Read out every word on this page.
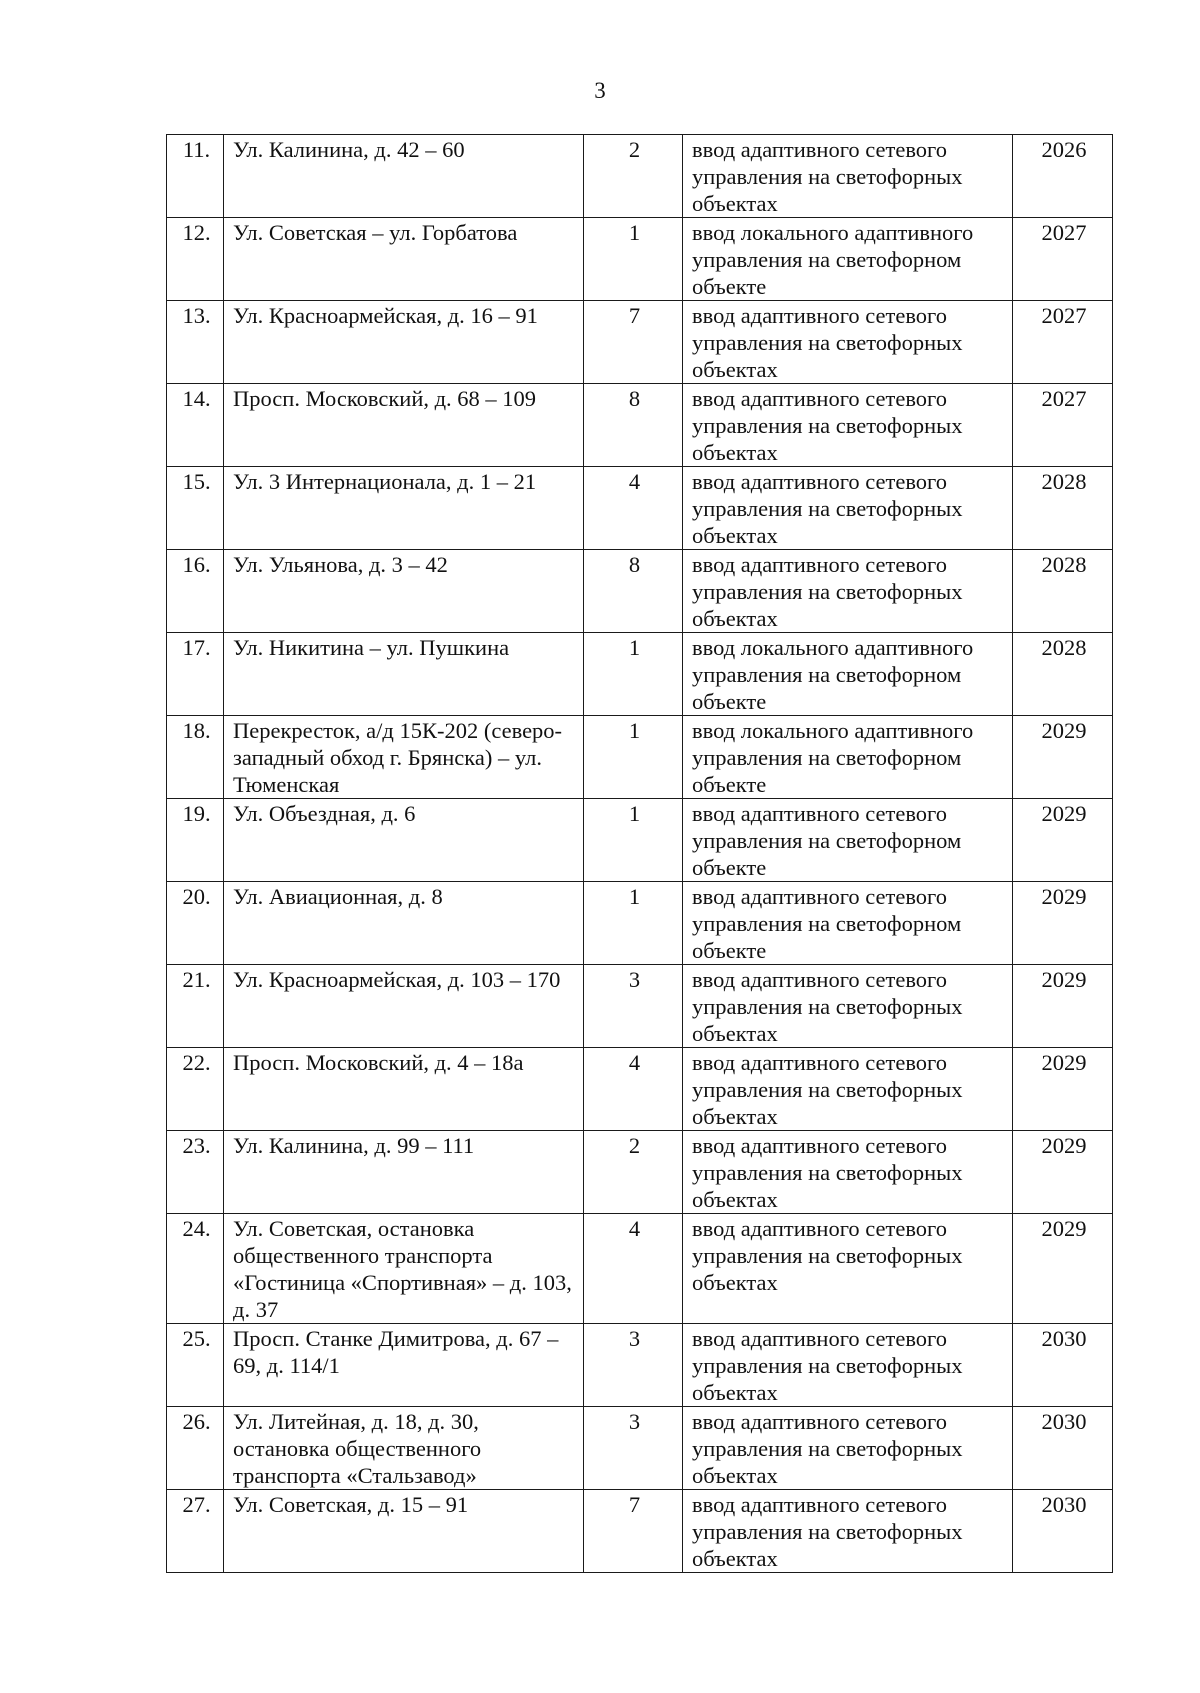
3
11.	Ул. Калинина, д. 42 – 60	2	ввод адаптивного сетевого управления на светофорных объектах	2026
12.	Ул. Советская – ул. Горбатова	1	ввод локального адаптивного управления на светофорном объекте	2027
13.	Ул. Красноармейская, д. 16 – 91	7	ввод адаптивного сетевого управления на светофорных объектах	2027
14.	Просп. Московский, д. 68 – 109	8	ввод адаптивного сетевого управления на светофорных объектах	2027
15.	Ул. 3 Интернационала, д. 1 – 21	4	ввод адаптивного сетевого управления на светофорных объектах	2028
16.	Ул. Ульянова, д. 3 – 42	8	ввод адаптивного сетевого управления на светофорных объектах	2028
17.	Ул. Никитина – ул. Пушкина	1	ввод локального адаптивного управления на светофорном объекте	2028
18.	Перекресток, а/д 15К-202 (северо-западный обход г. Брянска) – ул. Тюменская	1	ввод локального адаптивного управления на светофорном объекте	2029
19.	Ул. Объездная, д. 6	1	ввод адаптивного сетевого управления на светофорном объекте	2029
20.	Ул. Авиационная, д. 8	1	ввод адаптивного сетевого управления на светофорном объекте	2029
21.	Ул. Красноармейская, д. 103 – 170	3	ввод адаптивного сетевого управления на светофорных объектах	2029
22.	Просп. Московский, д. 4 – 18а	4	ввод адаптивного сетевого управления на светофорных объектах	2029
23.	Ул. Калинина, д. 99 – 111	2	ввод адаптивного сетевого управления на светофорных объектах	2029
24.	Ул. Советская, остановка общественного транспорта «Гостиница «Спортивная» – д. 103, д. 37	4	ввод адаптивного сетевого управления на светофорных объектах	2029
25.	Просп. Станке Димитрова, д. 67 – 69, д. 114/1	3	ввод адаптивного сетевого управления на светофорных объектах	2030
26.	Ул. Литейная, д. 18, д. 30, остановка общественного транспорта «Стальзавод»	3	ввод адаптивного сетевого управления на светофорных объектах	2030
27.	Ул. Советская, д. 15 – 91	7	ввод адаптивного сетевого управления на светофорных объектах	2030
